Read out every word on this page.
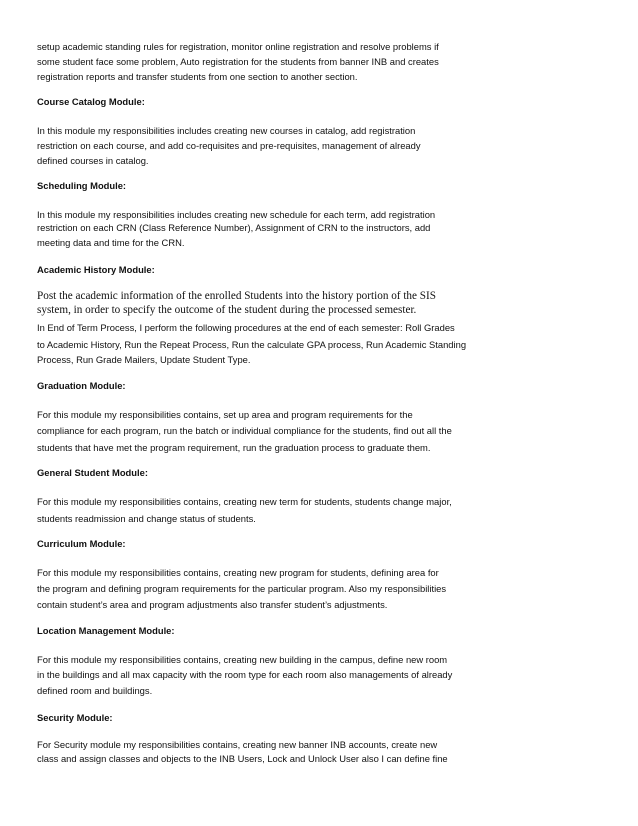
setup academic standing rules for registration, monitor online registration and resolve problems if

some student face some problem, Auto registration for the students from banner INB and creates

registration reports and transfer students from one section to another section.

Course Catalog Module:

In this module my responsibilities includes creating new courses in catalog, add registration

restriction on each course, and add co-requisites and pre-requisites, management of already

defined courses in catalog.

Scheduling Module:

In this module my responsibilities includes creating new schedule for each term, add registration

restriction on each CRN (Class Reference Number), Assignment of CRN to the instructors, add

meeting data and time for the CRN.

Academic History Module:

Post the academic information of the enrolled Students into the history portion of the SIS

system, in order to specify the outcome of the student during the processed semester.

In End of Term Process, I perform the following procedures at the end of each semester: Roll Grades

to Academic History, Run the Repeat Process, Run the calculate GPA process, Run Academic Standing

Process, Run Grade Mailers, Update Student Type.

Graduation Module:

For this module my responsibilities contains, set up area and program requirements for the

compliance for each program, run the batch or individual compliance for the students, find out all the

students that have met the program requirement, run the graduation process to graduate them.

General Student Module:

For this module my responsibilities contains, creating new term for students, students change major,

students readmission and change status of students.

Curriculum Module:

For this module my responsibilities contains, creating new program for students, defining area for

the program and defining program requirements for the particular program. Also my responsibilities

contain student’s area and program adjustments also transfer student’s adjustments.

Location Management Module:

For this module my responsibilities contains, creating new building in the campus, define new room

in the buildings and all max capacity with the room type for each room also managements of already

defined room and buildings.

Security Module:

For Security module my responsibilities contains, creating new banner INB accounts, create new

class and assign classes and objects to the INB Users, Lock and Unlock User also I can define fine
